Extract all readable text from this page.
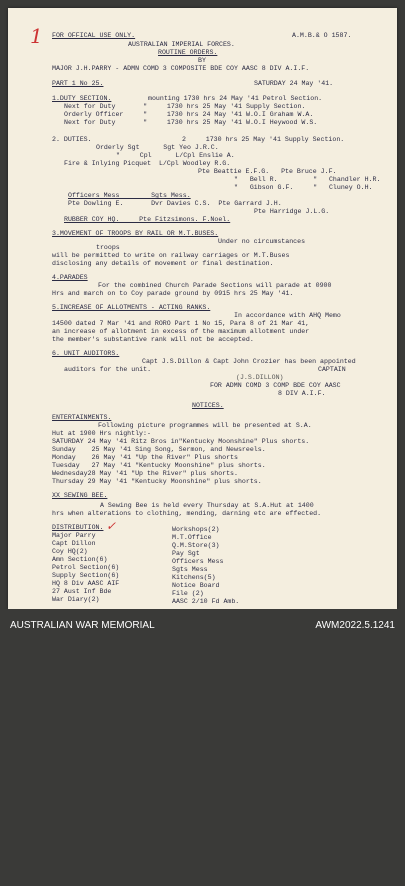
1

FOR OFFICAL USE ONLY.

	A.M.B.& O 1587.

AUSTRALIAN IMPERIAL FORCES.

ROUTINE ORDERS.

BY

MAJOR J.H.PARRY - ADMN COMD 3 COMPOSITE BDE COY AASC 8 DIV A.I.F.

PART 1 No 25.

	SATURDAY 24 May '41.

1.DUTY SECTION.

	mounting 1730 hrs 24 May '41 Petrol Section.

Next for Duty       "     1730 hrs 25 May '41 Supply Section.

Orderly Officer     "     1730 hrs 24 May '41 W.O.I Graham W.A.

Next for Duty       "     1730 hrs 25 May '41 W.O.I Heywood W.S.

2. DUTIES.

	2     1730 hrs 25 May '41 Supply Section.

Orderly Sgt      Sgt Yeo J.R.C.

"     Cpl      L/Cpl Enslie A.

Fire & Inlying Picquet  L/Cpl Woodley R.G.

Pte Beattie E.F.G.   Pte Bruce J.F.

"   Bell R.         "   Chandler H.R.

"   Gibson G.F.     "   Cluney O.H.

Officers Mess        Sgts Mess.

Pte Dowling E.       Dvr Davies C.S.  Pte Garrard J.H.

Pte Harridge J.L.G.

RUBBER COY HQ.     Pte Fitzsimons. F.Noel.

3.MOVEMENT OF TROOPS BY RAIL OR M.T.BUSES.

Under no circumstances

troops

will be permitted to write on railway carriages or M.T.Buses

disclosing any details of movement or final destination.

4.PARADES

For the combined Church Parade Sections will parade at 0900

Hrs and march on to Coy parade ground by 0915 hrs 25 May '41.

5.INCREASE OF ALLOTMENTS - ACTING RANKS.

In accordance with AHQ Memo

14500 dated 7 Mar '41 and RORO Part 1 No 15, Para 8 of 21 Mar 41,

an increase of allotment in excess of the maximum allotment under

the member's substantive rank will not be accepted.

6. UNIT AUDITORS.

Capt J.S.Dillon & Capt John Crozier has been appointed

auditors for the unit.

(J.S.DILLON)

CAPTAIN

FOR ADMN COMD 3 COMP BDE COY AASC

8 DIV A.I.F.

NOTICES.

ENTERTAINMENTS.

Following picture programmes will be presented at S.A.

Hut at 1900 Hrs nightly:-

SATURDAY 24 May '41 Ritz Bros in"Kentucky Moonshine" Plus shorts.

Sunday    25 May '41 Sing Song, Sermon, and Newsreels.

Monday    26 May '41 "Up the River" Plus shorts

Tuesday   27 May '41 "Kentucky Moonshine" plus shorts.

Wednesday28 May '41 "Up the River" plus shorts.

Thursday 29 May '41 "Kentucky Moonshine" plus shorts.

XX SEWING BEE.

A Sewing Bee is held every Thursday at S.A.Hut at 1400

hrs when alterations to clothing, mending, darning etc are effected.

DISTRIBUTION.

✓

Major Parry

Capt Dillon

Coy HQ(2)

Amn Section(6)

Petrol Section(6)

Supply Section(6)

HQ 8 Div AASC AIF

27 Aust Inf Bde

War Diary(2)

Workshops(2)

M.T.Office

Q.M.Store(3)

Pay Sgt

Officers Mess

Sgts Mess

Kitchens(5)

Notice Board

File (2)

AASC 2/10 Fd Amb.

AUSTRALIAN WAR MEMORIAL	AWM2022.5.1241
